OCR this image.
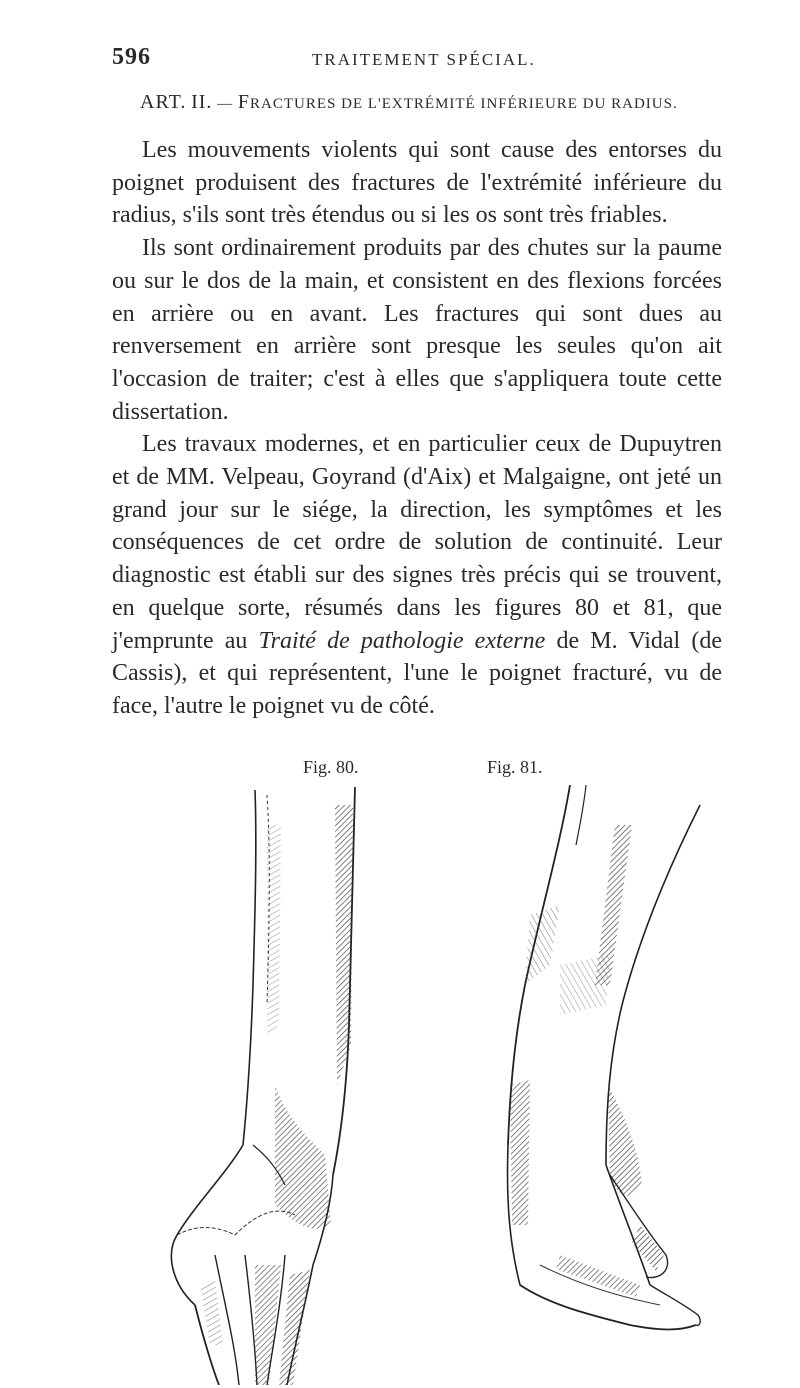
596	TRAITEMENT SPÉCIAL.
ART. II. — FRACTURES DE L'EXTRÉMITÉ INFÉRIEURE DU RADIUS.

Les mouvements violents qui sont cause des entorses du poignet produisent des fractures de l'extrémité inférieure du radius, s'ils sont très étendus ou si les os sont très friables.

Ils sont ordinairement produits par des chutes sur la paume ou sur le dos de la main, et consistent en des flexions forcées en arrière ou en avant. Les fractures qui sont dues au renversement en arrière sont presque les seules qu'on ait l'occasion de traiter; c'est à elles que s'appliquera toute cette dissertation.

Les travaux modernes, et en particulier ceux de Dupuytren et de MM. Velpeau, Goyrand (d'Aix) et Malgaigne, ont jeté un grand jour sur le siége, la direction, les symptômes et les conséquences de cet ordre de solution de continuité. Leur diagnostic est établi sur des signes très précis qui se trouvent, en quelque sorte, résumés dans les figures 80 et 81, que j'emprunte au Traité de pathologie externe de M. Vidal (de Cassis), et qui représentent, l'une le poignet fracturé, vu de face, l'autre le poignet vu de côté.

Fig. 80.	Fig. 81.
